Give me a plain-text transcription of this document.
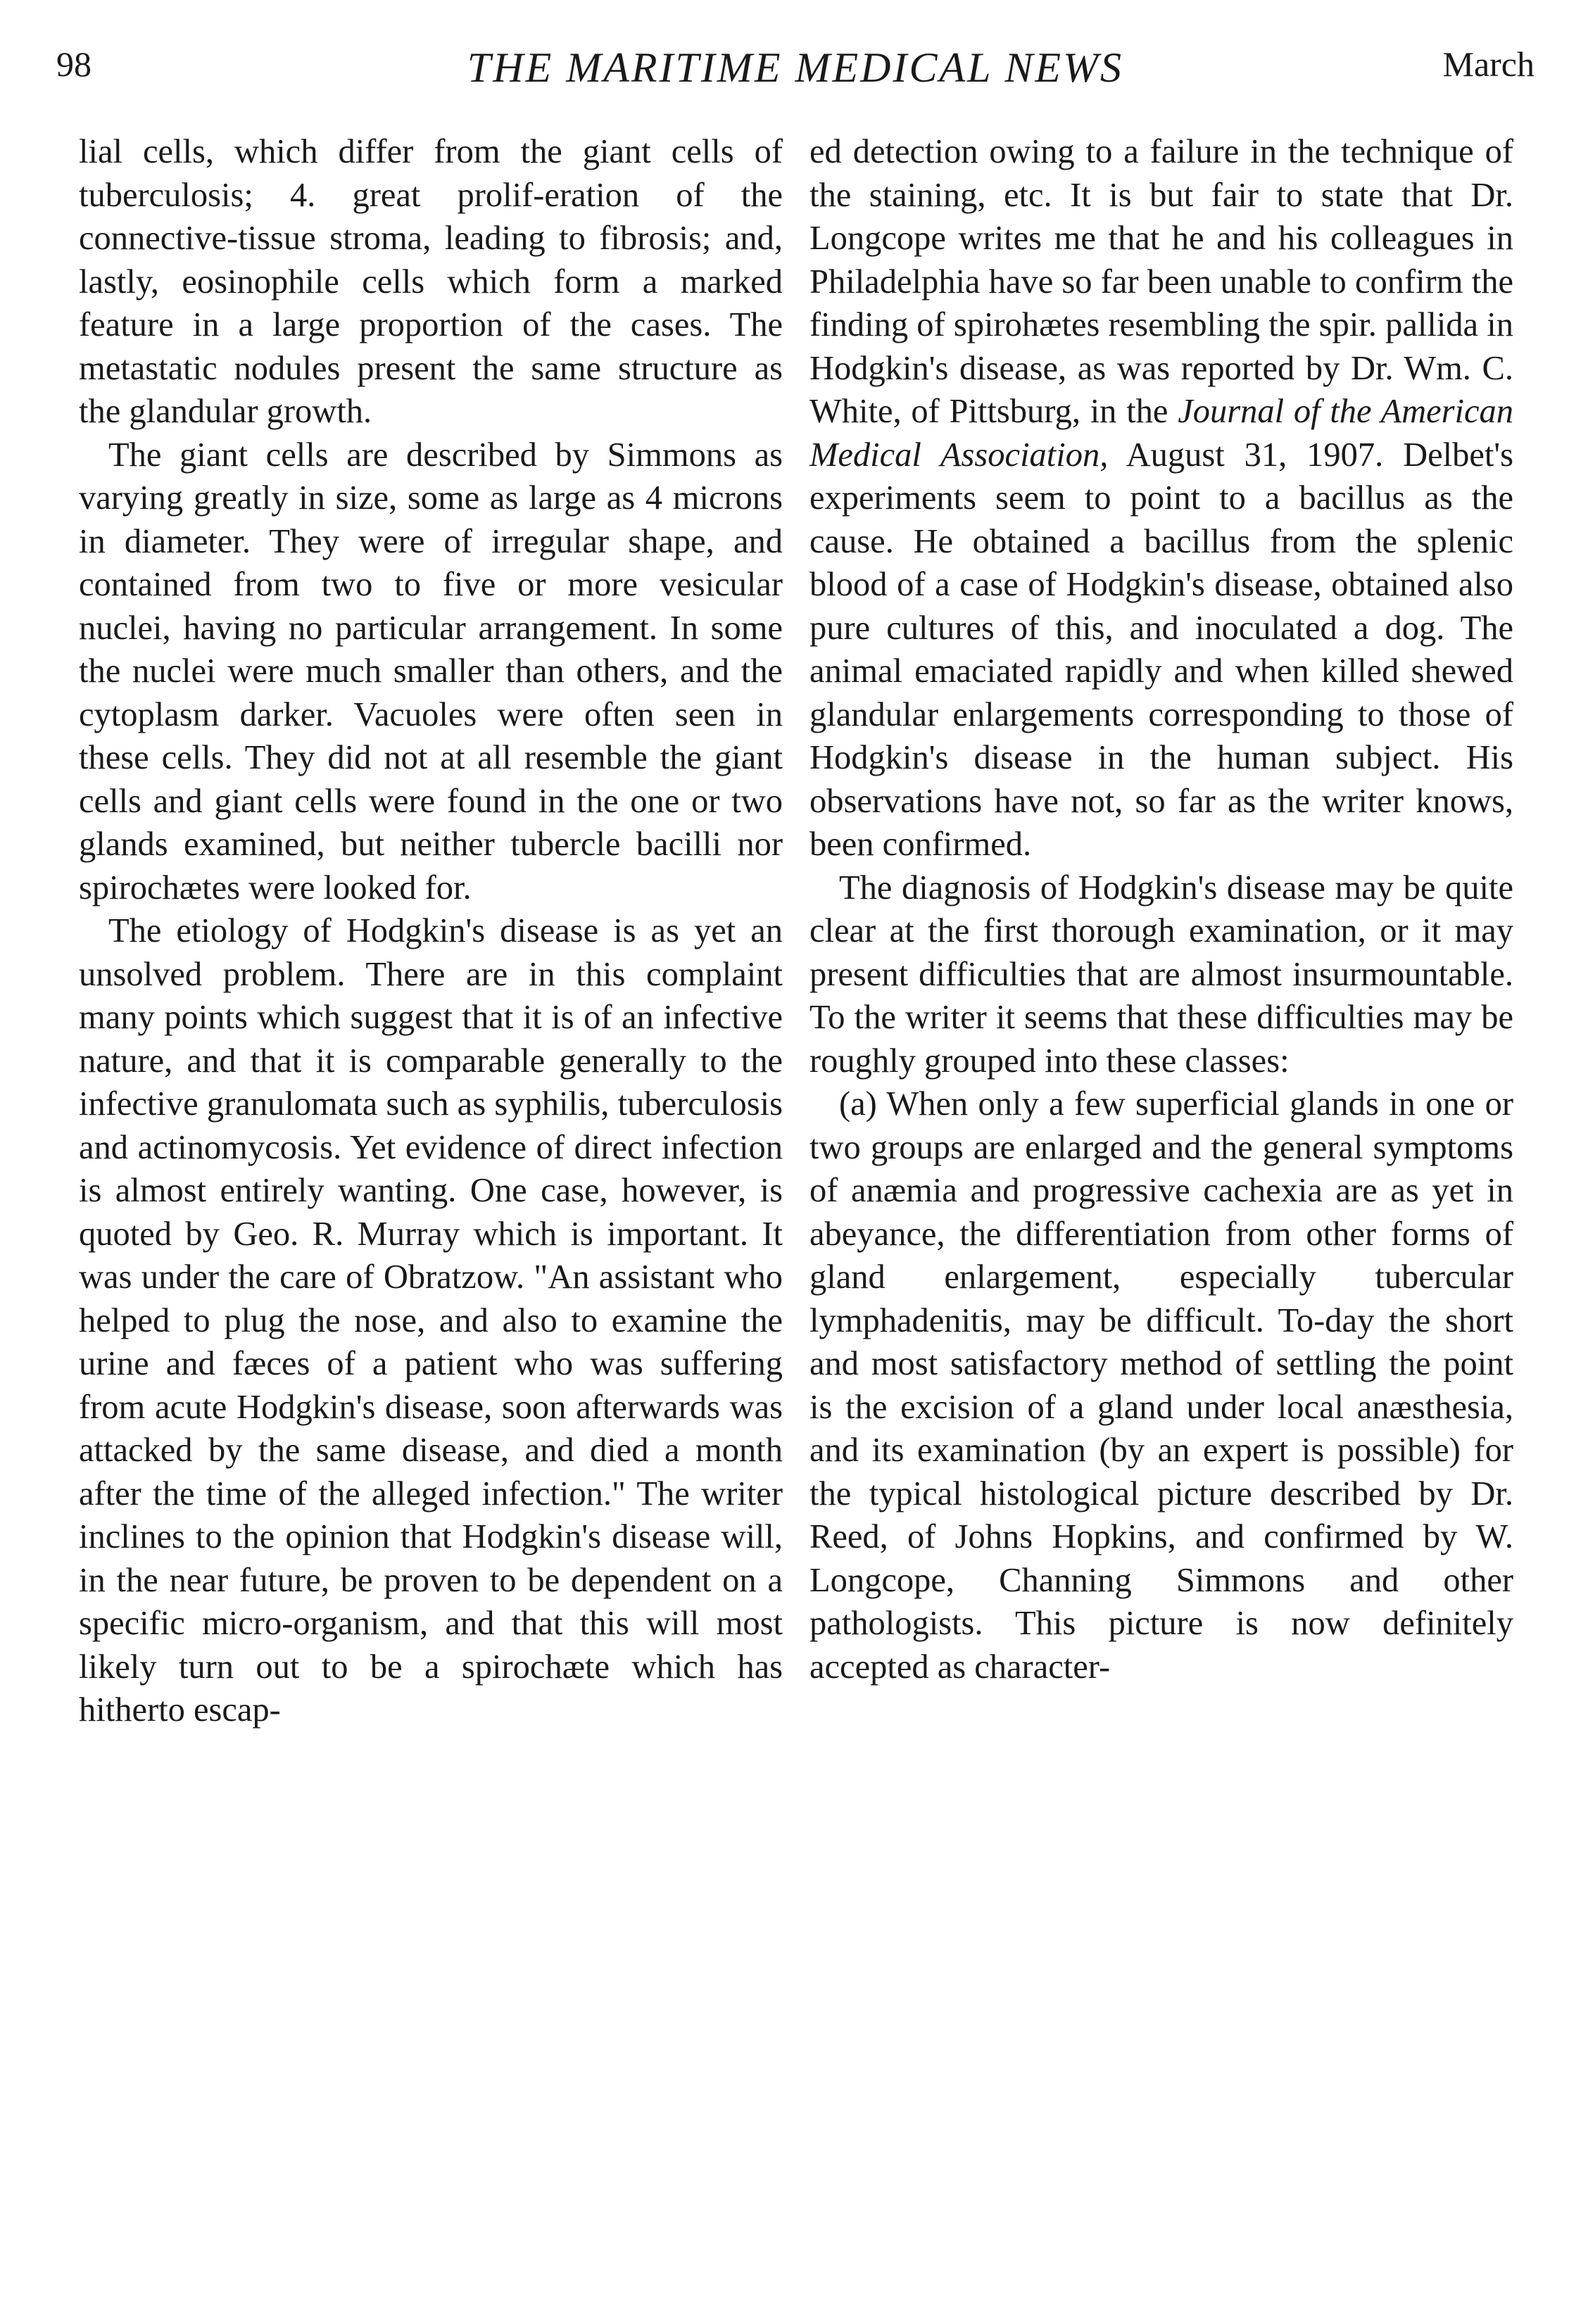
98	THE MARITIME MEDICAL NEWS	March

lial cells, which differ from the giant cells of tuberculosis; 4. great prolif-eration of the connective-tissue stroma, leading to fibrosis; and, lastly, eosinophile cells which form a marked feature in a large proportion of the cases. The metastatic nodules present the same structure as the glandular growth.

The giant cells are described by Simmons as varying greatly in size, some as large as 4 microns in diameter. They were of irregular shape, and contained from two to five or more vesicular nuclei, having no particular arrangement. In some the nuclei were much smaller than others, and the cytoplasm darker. Vacuoles were often seen in these cells. They did not at all resemble the giant cells and giant cells were found in the one or two glands examined, but neither tubercle bacilli nor spirochætes were looked for.

The etiology of Hodgkin's disease is as yet an unsolved problem. There are in this complaint many points which suggest that it is of an infective nature, and that it is comparable generally to the infective granulomata such as syphilis, tuberculosis and actinomycosis. Yet evidence of direct infection is almost entirely wanting. One case, however, is quoted by Geo. R. Murray which is important. It was under the care of Obratzow. "An assistant who helped to plug the nose, and also to examine the urine and fæces of a patient who was suffering from acute Hodgkin's disease, soon afterwards was attacked by the same disease, and died a month after the time of the alleged infection." The writer inclines to the opinion that Hodgkin's disease will, in the near future, be proven to be dependent on a specific micro-organism, and that this will most likely turn out to be a spirochæte which has hitherto escap-

ed detection owing to a failure in the technique of the staining, etc. It is but fair to state that Dr. Longcope writes me that he and his colleagues in Philadelphia have so far been unable to confirm the finding of spirohætes resembling the spir. pallida in Hodgkin's disease, as was reported by Dr. Wm. C. White, of Pittsburg, in the Journal of the American Medical Association, August 31, 1907. Delbet's experiments seem to point to a bacillus as the cause. He obtained a bacillus from the splenic blood of a case of Hodgkin's disease, obtained also pure cultures of this, and inoculated a dog. The animal emaciated rapidly and when killed shewed glandular enlargements corresponding to those of Hodgkin's disease in the human subject. His observations have not, so far as the writer knows, been confirmed.

The diagnosis of Hodgkin's disease may be quite clear at the first thorough examination, or it may present difficulties that are almost insurmountable. To the writer it seems that these difficulties may be roughly grouped into these classes:

(a) When only a few superficial glands in one or two groups are enlarged and the general symptoms of anæmia and progressive cachexia are as yet in abeyance, the differentiation from other forms of gland enlargement, especially tubercular lymphadenitis, may be difficult. To-day the short and most satisfactory method of settling the point is the excision of a gland under local anæsthesia, and its examination (by an expert is possible) for the typical histological picture described by Dr. Reed, of Johns Hopkins, and confirmed by W. Longcope, Channing Simmons and other pathologists. This picture is now definitely accepted as character-
